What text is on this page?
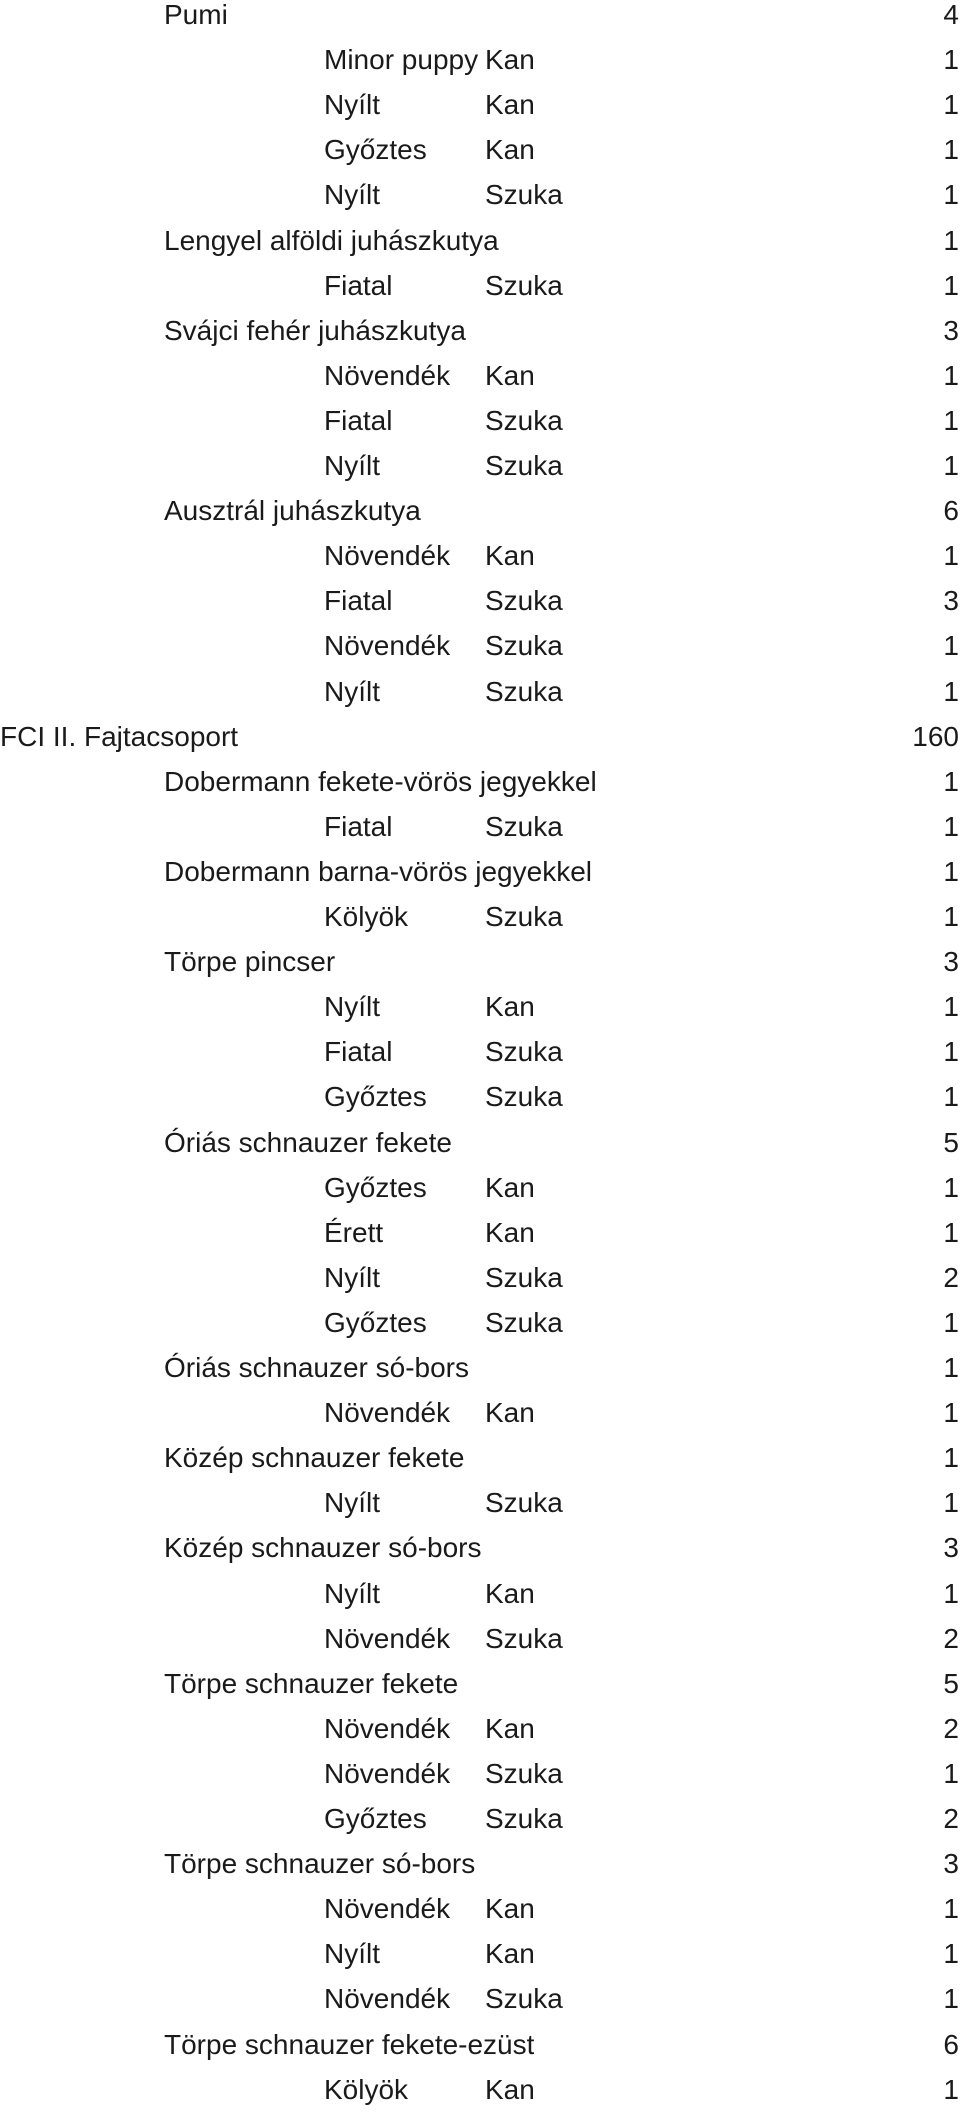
Pumi	4
Minor puppy Kan	1
Nyílt	Kan	1
Győztes	Kan	1
Nyílt	Szuka	1
Lengyel alföldi juhászkutya	1
Fiatal	Szuka	1
Svájci fehér juhászkutya	3
Növendék	Kan	1
Fiatal	Szuka	1
Nyílt	Szuka	1
Ausztrál juhászkutya	6
Növendék	Kan	1
Fiatal	Szuka	3
Növendék	Szuka	1
Nyílt	Szuka	1
FCI II. Fajtacsoport	160
Dobermann fekete-vörös jegyekkel	1
Fiatal	Szuka	1
Dobermann barna-vörös jegyekkel	1
Kölyök	Szuka	1
Törpe pincser	3
Nyílt	Kan	1
Fiatal	Szuka	1
Győztes	Szuka	1
Óriás schnauzer fekete	5
Győztes	Kan	1
Érett	Kan	1
Nyílt	Szuka	2
Győztes	Szuka	1
Óriás schnauzer só-bors	1
Növendék	Kan	1
Közép schnauzer fekete	1
Nyílt	Szuka	1
Közép schnauzer só-bors	3
Nyílt	Kan	1
Növendék	Szuka	2
Törpe schnauzer fekete	5
Növendék	Kan	2
Növendék	Szuka	1
Győztes	Szuka	2
Törpe schnauzer só-bors	3
Növendék	Kan	1
Nyílt	Kan	1
Növendék	Szuka	1
Törpe schnauzer fekete-ezüst	6
Kölyök	Kan	1
